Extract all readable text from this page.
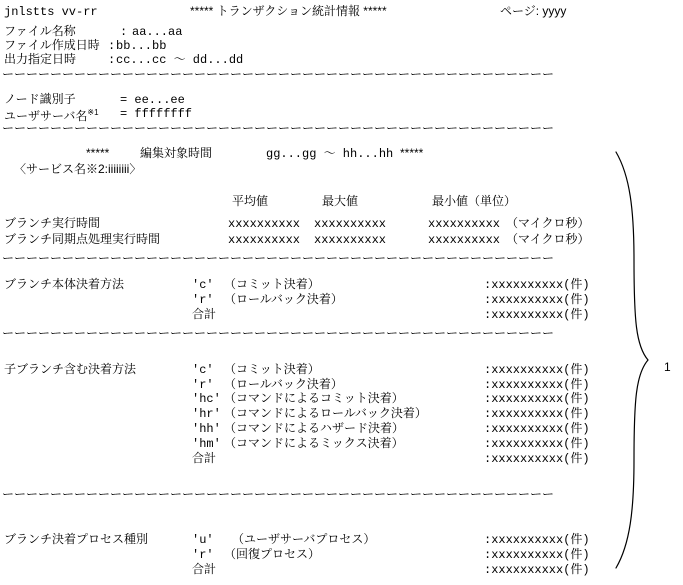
jnlstts vv-rr	***** トランザクション統計情報 *****	ページ: yyyy
ファイル名称	: aa...aa
ファイル作成日時 : bb...bb
出力指定日時	: cc...cc 〜 dd...dd
ーーーーーーーーーーーーーーーーーーーーーーーーーーーーーーーーーーーーーーーーーーーーーー
ノード識別子	= ee...ee
ユーザサーバ名$^{※1}$ = ffffffff
ーーーーーーーーーーーーーーーーーーーーーーーーーーーーーーーーーーーーーーーーーーーーーー
*****	編集対象時間	gg...gg 〜 hh...hh *****
〈サービス名※2:iiiiiiii〉
平均値	最大値	最小値（単位）
ブランチ実行時間	xxxxxxxxxx xxxxxxxxxx	xxxxxxxxxx （マイクロ秒）
ブランチ同期点処理実行時間	xxxxxxxxxx xxxxxxxxxx	xxxxxxxxxx （マイクロ秒）
ーーーーーーーーーーーーーーーーーーーーーーーーーーーーーーーーーーーーーーーーーーーーーー
ブランチ本体決着方法	'c' （コミット決着）	:xxxxxxxxxx(件)
'r' （ロールバック決着）	:xxxxxxxxxx(件)
合計	:xxxxxxxxxx(件)
ーーーーーーーーーーーーーーーーーーーーーーーーーーーーーーーーーーーーーーーーーーーーーー
子ブランチ含む決着方法	'c' （コミット決着）	:xxxxxxxxxx(件)
'r' （ロールバック決着）	:xxxxxxxxxx(件)
'hc' （コマンドによるコミット決着）	:xxxxxxxxxx(件)
'hr' （コマンドによるロールバック決着）	:xxxxxxxxxx(件)
'hh' （コマンドによるハザード決着）	:xxxxxxxxxx(件)
'hm' （コマンドによるミックス決着）	:xxxxxxxxxx(件)
合計	:xxxxxxxxxx(件)
ーーーーーーーーーーーーーーーーーーーーーーーーーーーーーーーーーーーーーーーーーーーーーー
ブランチ決着プロセス種別	'u' （ユーザサーバプロセス）	:xxxxxxxxxx(件)
'r' （回復プロセス）	:xxxxxxxxxx(件)
合計	:xxxxxxxxxx(件)
1
